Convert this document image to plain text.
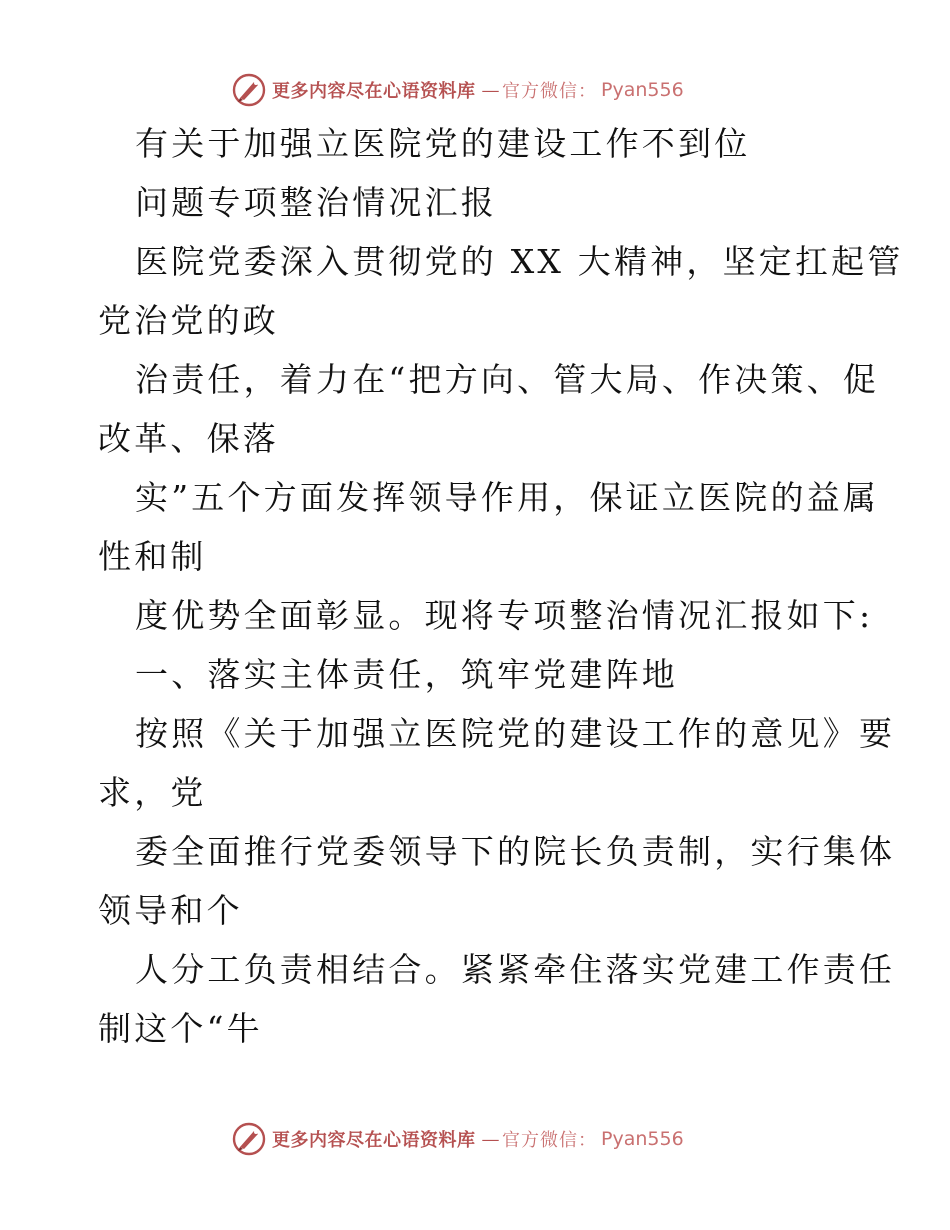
更多内容尽在心语资料库 — 官方微信： Pyan556
有关于加强立医院党的建设工作不到位
问题专项整治情况汇报
医院党委深入贯彻党的 XX 大精神，坚定扛起管
党治党的政
治责任，着力在“把方向、管大局、作决策、促
改革、保落
实”五个方面发挥领导作用，保证立医院的益属
性和制
度优势全面彰显。现将专项整治情况汇报如下:
一、落实主体责任，筑牢党建阵地
按照《关于加强立医院党的建设工作的意见》要
求，党
委全面推行党委领导下的院长负责制，实行集体
领导和个
人分工负责相结合。紧紧牵住落实党建工作责任
制这个“牛
更多内容尽在心语资料库 — 官方微信： Pyan556
